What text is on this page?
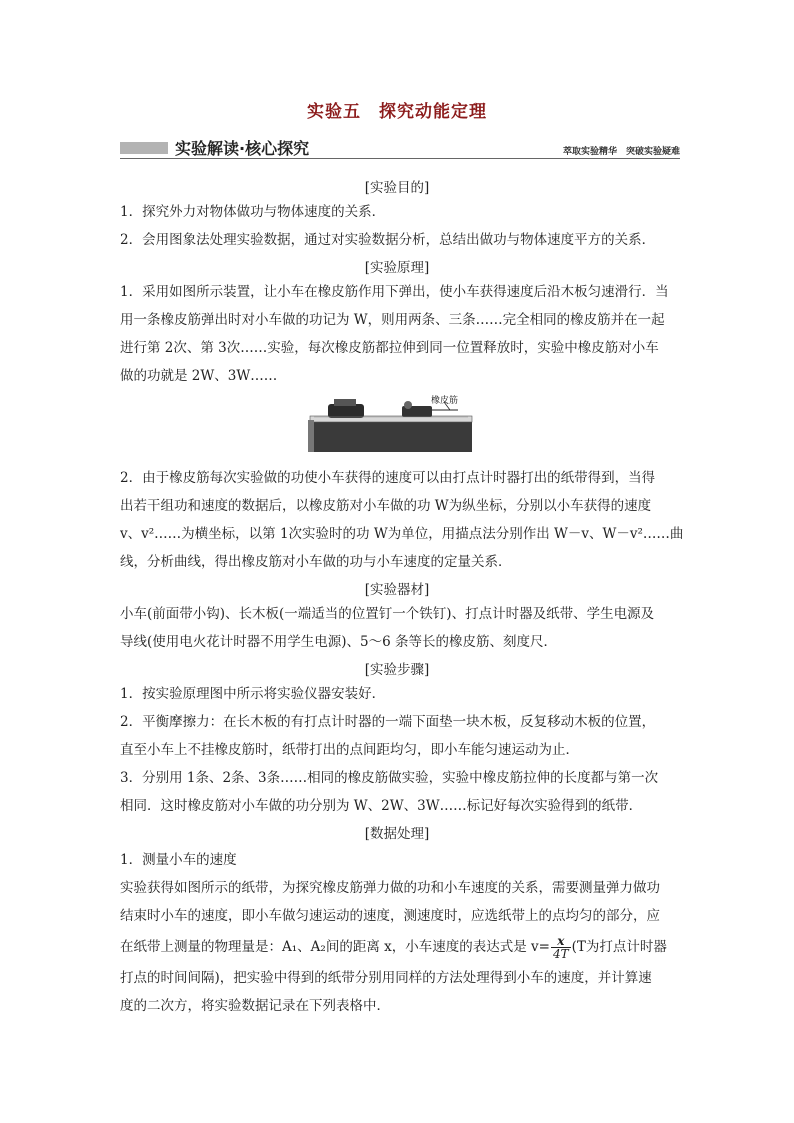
实验五　探究动能定理
实验解读·核心探究	萃取实验精华　突破实验疑难
[实验目的]
1．探究外力对物体做功与物体速度的关系．
2．会用图象法处理实验数据，通过对实验数据分析，总结出做功与物体速度平方的关系．
[实验原理]
1．采用如图所示装置，让小车在橡皮筋作用下弹出，使小车获得速度后沿木板匀速滑行．当
用一条橡皮筋弹出时对小车做的功记为 W，则用两条、三条……完全相同的橡皮筋并在一起
进行第 2次、第 3次……实验，每次橡皮筋都拉伸到同一位置释放时，实验中橡皮筋对小车
做的功就是 2W、3W……
橡皮筋
2．由于橡皮筋每次实验做的功使小车获得的速度可以由打点计时器打出的纸带得到，当得
出若干组功和速度的数据后，以橡皮筋对小车做的功 W为纵坐标，分别以小车获得的速度
v、v²……为横坐标，以第 1次实验时的功 W为单位，用描点法分别作出 W－v、W－v²……曲
线，分析曲线，得出橡皮筋对小车做的功与小车速度的定量关系．
[实验器材]
小车(前面带小钩)、长木板(一端适当的位置钉一个铁钉)、打点计时器及纸带、学生电源及
导线(使用电火花计时器不用学生电源)、5～6 条等长的橡皮筋、刻度尺．
[实验步骤]
1．按实验原理图中所示将实验仪器安装好．
2．平衡摩擦力：在长木板的有打点计时器的一端下面垫一块木板，反复移动木板的位置，
直至小车上不挂橡皮筋时，纸带打出的点间距均匀，即小车能匀速运动为止．
3．分别用 1条、2条、3条……相同的橡皮筋做实验，实验中橡皮筋拉伸的长度都与第一次
相同．这时橡皮筋对小车做的功分别为 W、2W、3W……标记好每次实验得到的纸带．
[数据处理]
1．测量小车的速度
实验获得如图所示的纸带，为探究橡皮筋弹力做的功和小车速度的关系，需要测量弹力做功
结束时小车的速度，即小车做匀速运动的速度，测速度时，应选纸带上的点均匀的部分，应
在纸带上测量的物理量是：A₁、A₂间的距离 x，小车速度的表达式是 $v= \frac{x}{4T} (T$为打点计时器
打点的时间间隔)，把实验中得到的纸带分别用同样的方法处理得到小车的速度，并计算速
度的二次方，将实验数据记录在下列表格中．
